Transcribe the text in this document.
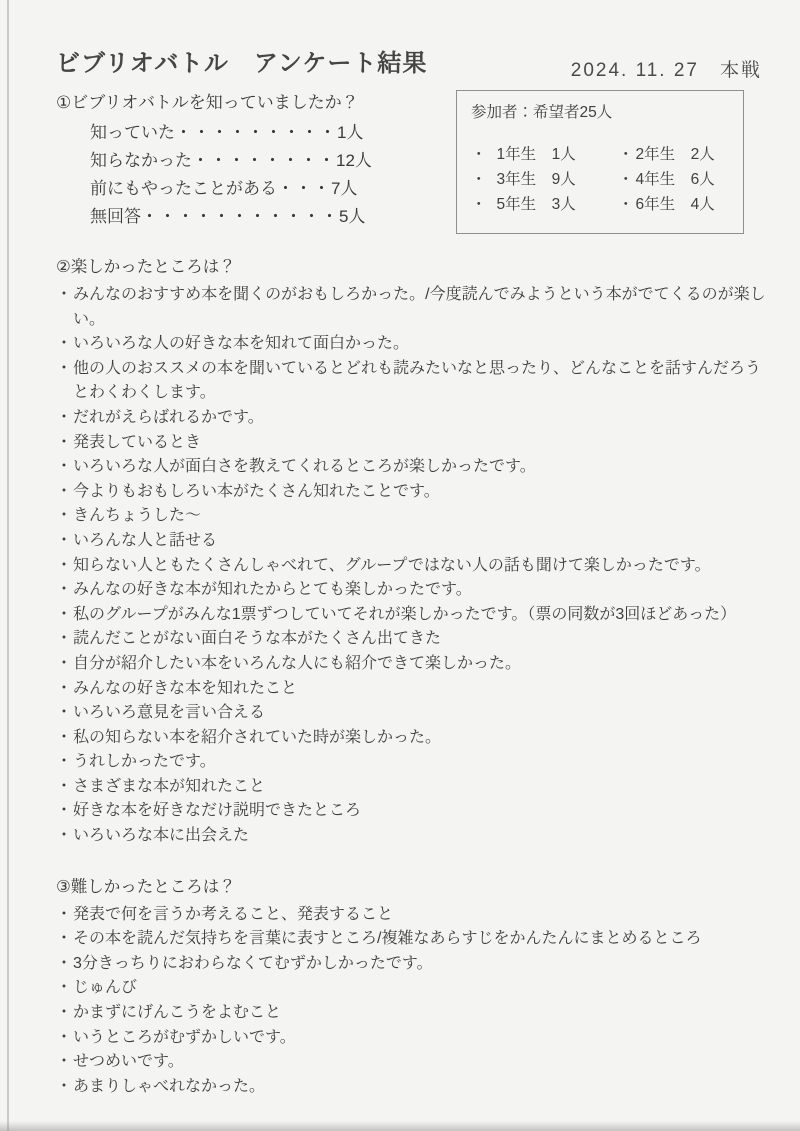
ビブリオバトル　アンケート結果	2024. 11. 27　本戦
①ビブリオバトルを知っていましたか？
知っていた・・・・・・・・・1人
知らなかった・・・・・・・・12人
前にもやったことがある・・・7人
無回答・・・・・・・・・・・5人
参加者：希望者25人
・ 1年生　1人	・ 2年生　2人
・ 3年生　9人	・ 4年生　6人
・ 5年生　3人	・ 6年生　4人
②楽しかったところは？
・ みんなのおすすめ本を聞くのがおもしろかった。/今度読んでみようという本がでてくるのが楽しい。
・ いろいろな人の好きな本を知れて面白かった。
・ 他の人のおススメの本を聞いているとどれも読みたいなと思ったり、どんなことを話すんだろうとわくわくします。
・ だれがえらばれるかです。
・ 発表しているとき
・ いろいろな人が面白さを教えてくれるところが楽しかったです。
・ 今よりもおもしろい本がたくさん知れたことです。
・ きんちょうした～
・ いろんな人と話せる
・ 知らない人ともたくさんしゃべれて、グループではない人の話も聞けて楽しかったです。
・ みんなの好きな本が知れたからとても楽しかったです。
・ 私のグループがみんな1票ずつしていてそれが楽しかったです。（票の同数が3回ほどあった）
・ 読んだことがない面白そうな本がたくさん出てきた
・ 自分が紹介したい本をいろんな人にも紹介できて楽しかった。
・ みんなの好きな本を知れたこと
・ いろいろ意見を言い合える
・ 私の知らない本を紹介されていた時が楽しかった。
・ うれしかったです。
・ さまざまな本が知れたこと
・ 好きな本を好きなだけ説明できたところ
・ いろいろな本に出会えた
③難しかったところは？
・ 発表で何を言うか考えること、発表すること
・ その本を読んだ気持ちを言葉に表すところ/複雑なあらすじをかんたんにまとめるところ
・ 3分きっちりにおわらなくてむずかしかったです。
・ じゅんび
・ かまずにげんこうをよむこと
・ いうところがむずかしいです。
・ せつめいです。
・ あまりしゃべれなかった。
